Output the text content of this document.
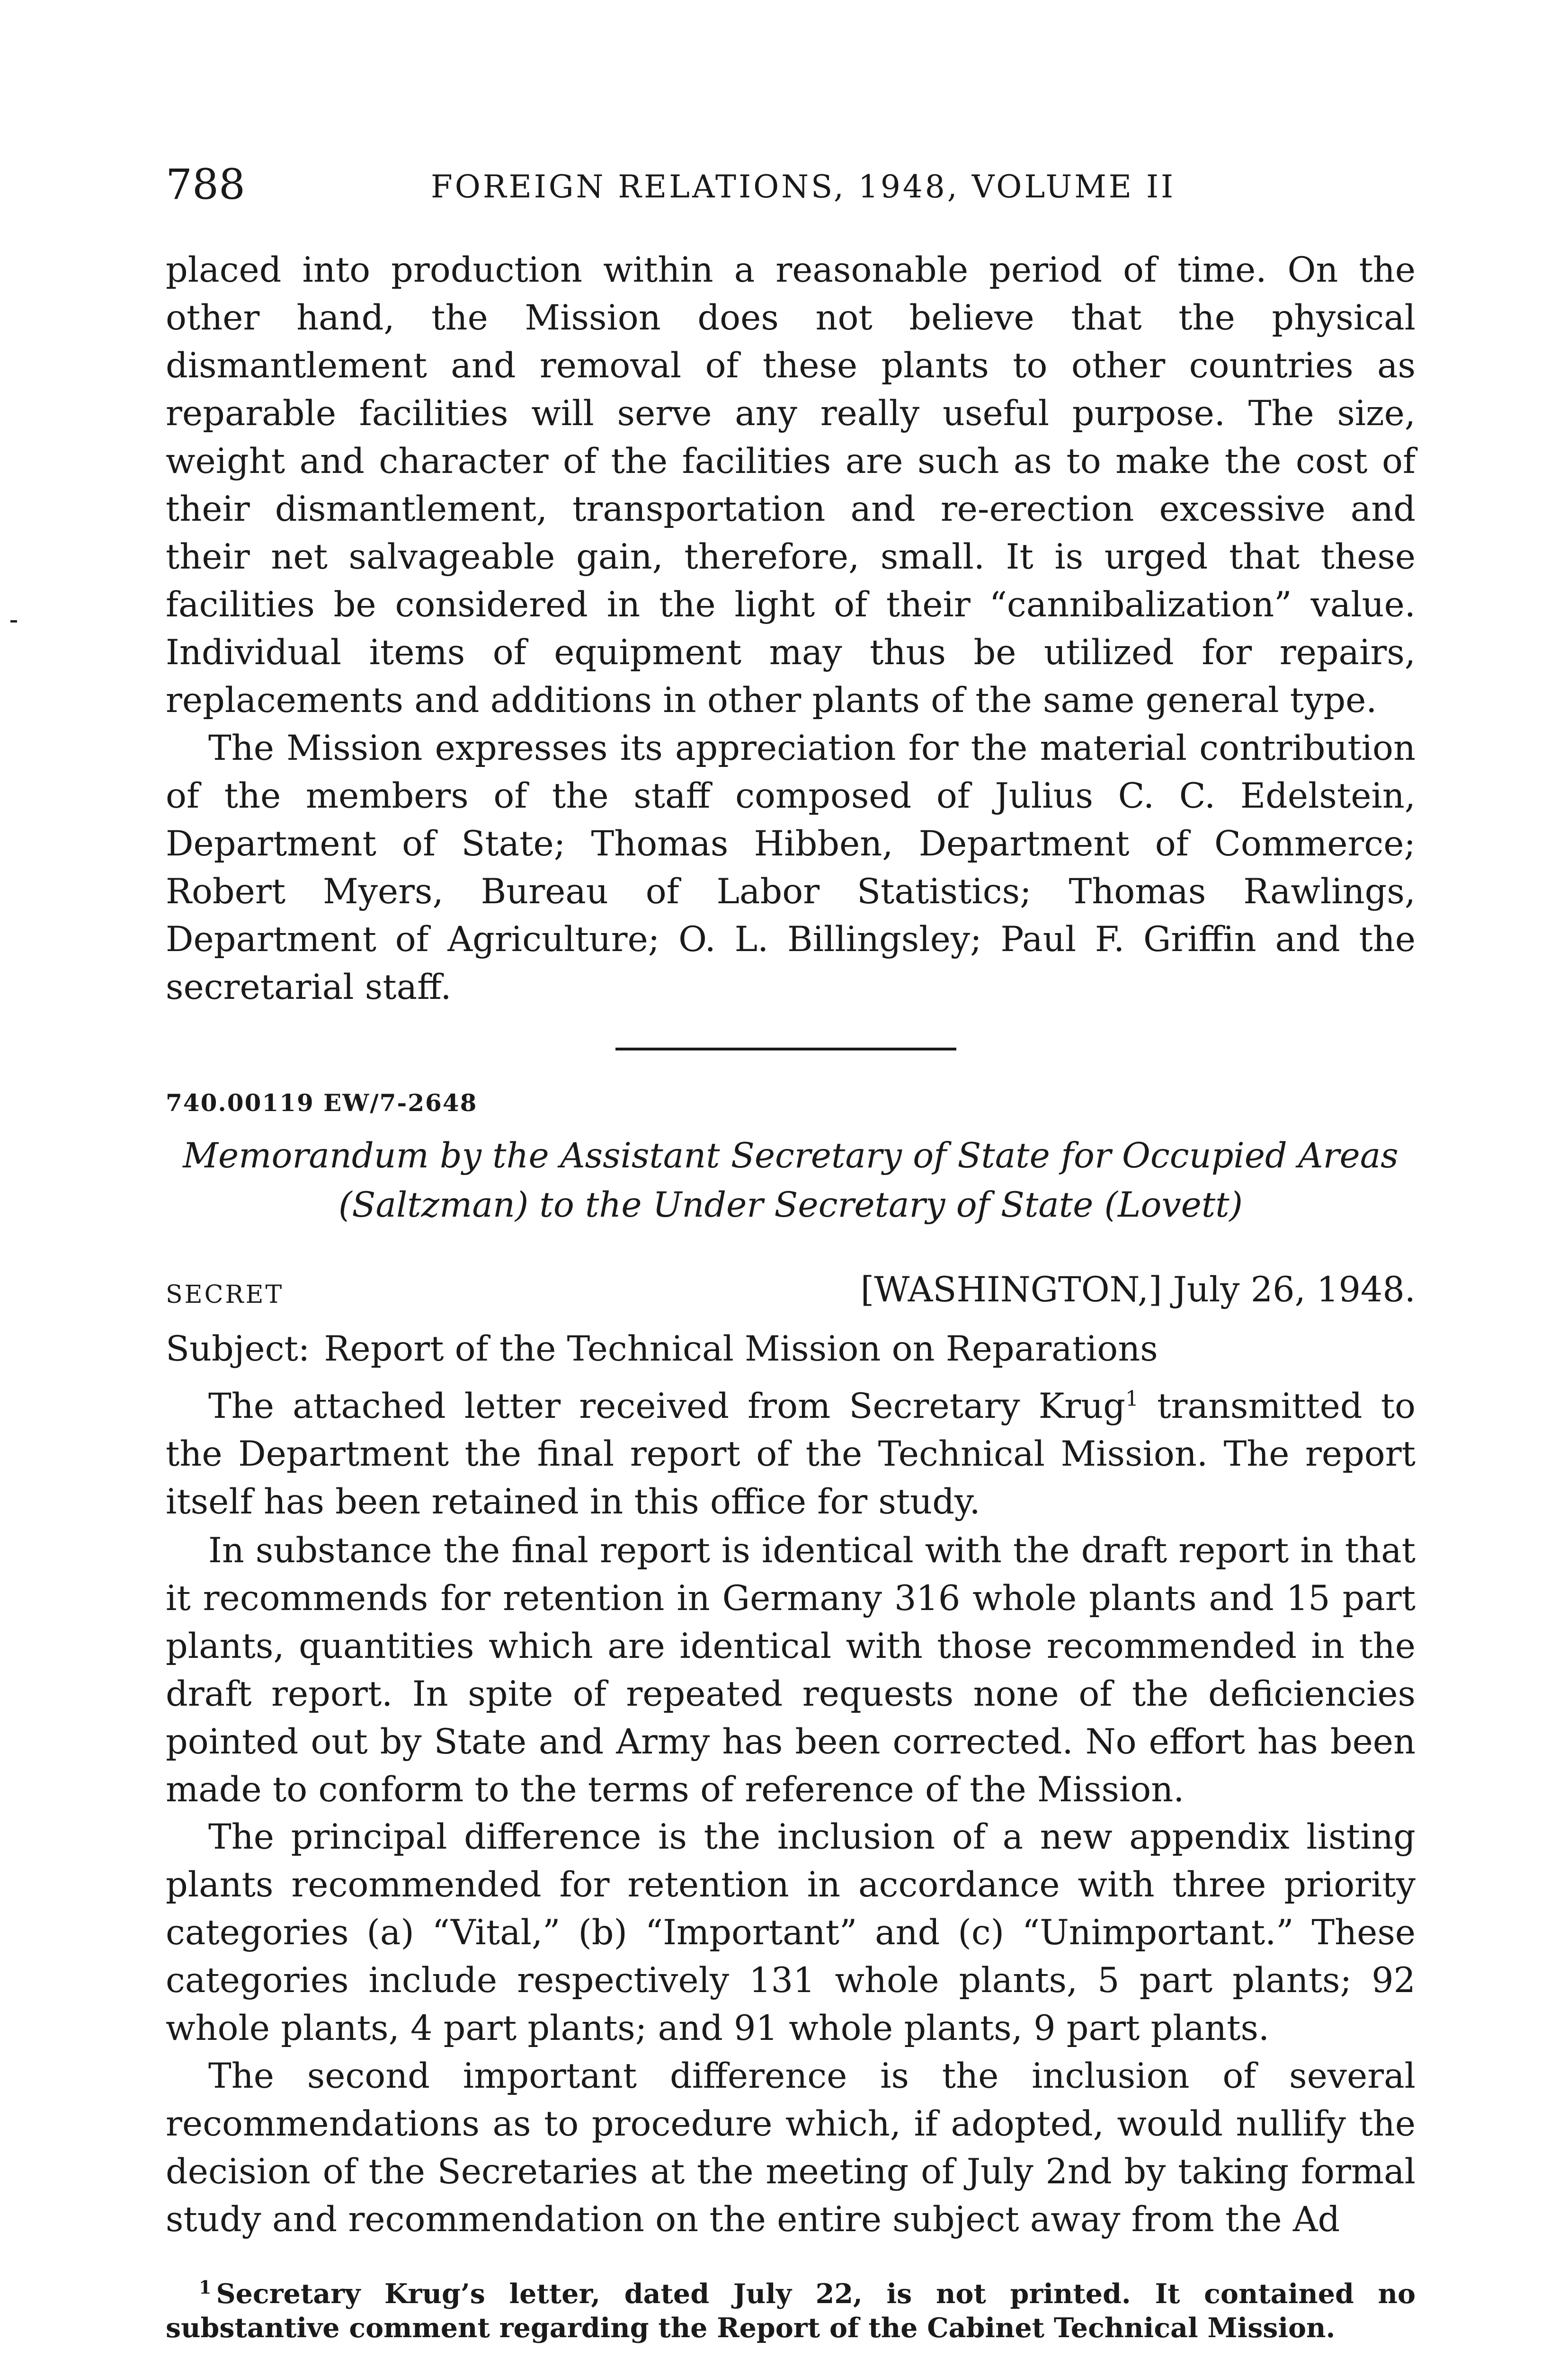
788	FOREIGN RELATIONS, 1948, VOLUME II

placed into production within a reasonable period of time. On the other hand, the Mission does not believe that the physical dismantlement and removal of these plants to other countries as reparable facilities will serve any really useful purpose. The size, weight and character of the facilities are such as to make the cost of their dismantlement, transportation and re-erection excessive and their net salvageable gain, therefore, small. It is urged that these facilities be considered in the light of their “cannibalization” value. Individual items of equipment may thus be utilized for repairs, replacements and additions in other plants of the same general type.

The Mission expresses its appreciation for the material contribution of the members of the staff composed of Julius C. C. Edelstein, Department of State; Thomas Hibben, Department of Commerce; Robert Myers, Bureau of Labor Statistics; Thomas Rawlings, Department of Agriculture; O. L. Billingsley; Paul F. Griffin and the secretarial staff.

740.00119 EW/7-2648

Memorandum by the Assistant Secretary of State for Occupied Areas (Saltzman) to the Under Secretary of State (Lovett)

SECRET	[WASHINGTON,] July 26, 1948.
Subject: Report of the Technical Mission on Reparations

The attached letter received from Secretary Krug$^1$ transmitted to the Department the final report of the Technical Mission. The report itself has been retained in this office for study.

In substance the final report is identical with the draft report in that it recommends for retention in Germany 316 whole plants and 15 part plants, quantities which are identical with those recommended in the draft report. In spite of repeated requests none of the deficiencies pointed out by State and Army has been corrected. No effort has been made to conform to the terms of reference of the Mission.

The principal difference is the inclusion of a new appendix listing plants recommended for retention in accordance with three priority categories (a) “Vital,” (b) “Important” and (c) “Unimportant.” These categories include respectively 131 whole plants, 5 part plants; 92 whole plants, 4 part plants; and 91 whole plants, 9 part plants.

The second important difference is the inclusion of several recommendations as to procedure which, if adopted, would nullify the decision of the Secretaries at the meeting of July 2nd by taking formal study and recommendation on the entire subject away from the Ad

$^1$ Secretary Krug’s letter, dated July 22, is not printed. It contained no substantive comment regarding the Report of the Cabinet Technical Mission.
